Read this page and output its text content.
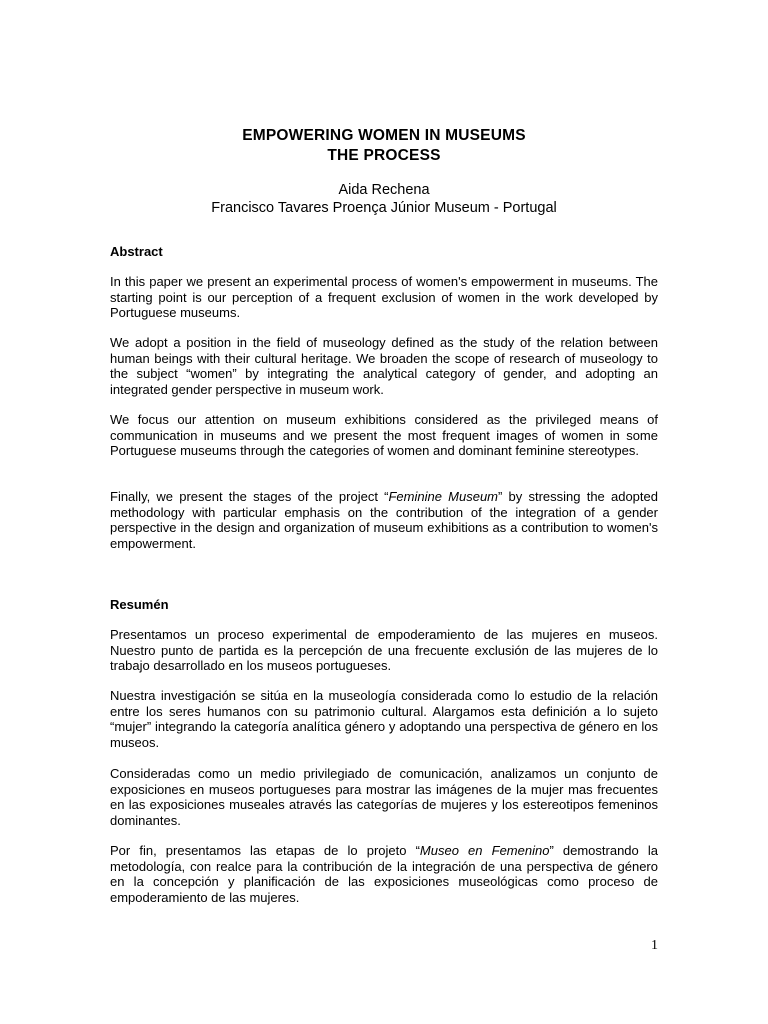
EMPOWERING WOMEN IN MUSEUMS
THE PROCESS
Aida Rechena
Francisco Tavares Proença Júnior Museum - Portugal
Abstract

In this paper we present an experimental process of women's empowerment in museums. The starting point is our perception of a frequent exclusion of women in the work developed by Portuguese museums.

We adopt a position in the field of museology defined as the study of the relation between human beings with their cultural heritage. We broaden the scope of research of museology to the subject “women” by integrating the analytical category of gender, and adopting an integrated gender perspective in museum work.

We focus our attention on museum exhibitions considered as the privileged means of communication in museums and we present the most frequent images of women in some Portuguese museums through the categories of women and dominant feminine stereotypes.

Finally, we present the stages of the project “Feminine Museum” by stressing the adopted methodology with particular emphasis on the contribution of the integration of a gender perspective in the design and organization of museum exhibitions as a contribution to women's empowerment.

Resumén

Presentamos un proceso experimental de empoderamiento de las mujeres en museos. Nuestro punto de partida es la percepción de una frecuente exclusión de las mujeres de lo trabajo desarrollado en los museos portugueses.

Nuestra investigación se sitúa en la museología considerada como lo estudio de la relación entre los seres humanos con su patrimonio cultural. Alargamos esta definición a lo sujeto “mujer” integrando la categoría analítica género y adoptando una perspectiva de género en los museos.

Consideradas como un medio privilegiado de comunicación, analizamos un conjunto de exposiciones en museos portugueses para mostrar las imágenes de la mujer mas frecuentes en las exposiciones museales através las categorías de mujeres y los estereotipos femeninos dominantes.

Por fin, presentamos las etapas de lo projeto “Museo en Femenino” demostrando la metodología, con realce para la contribución de la integración de una perspectiva de género en la concepción y planificación de las exposiciones museológicas como proceso de empoderamiento de las mujeres.

1
